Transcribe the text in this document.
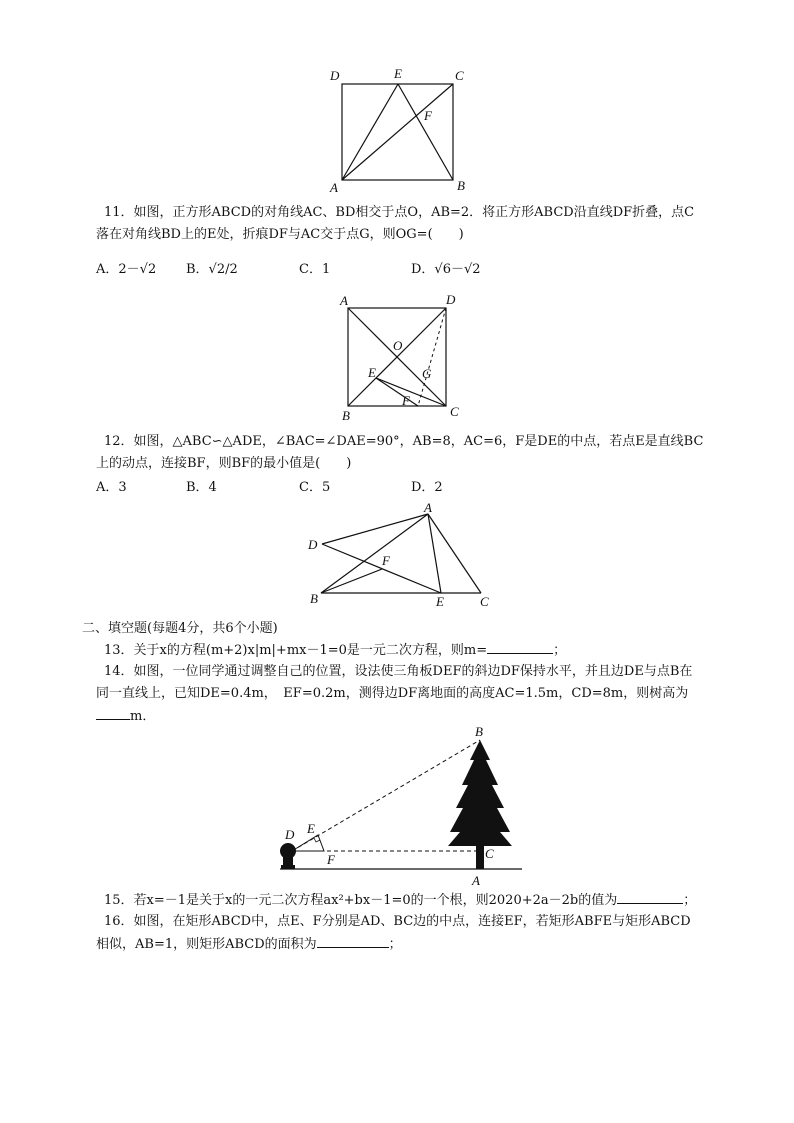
D	E	C
F
A	B
11．如图，正方形ABCD的对角线AC、BD相交于点O，AB=2．将正方形ABCD沿直线DF折叠，点C
落在对角线BD上的E处，折痕DF与AC交于点G，则OG=(　　)
A．2－√2 B．√2/2	C．1	D．√6－√2
A	D
O
E	G
F
B	C
12．如图，△ABC∽△ADE，∠BAC=∠DAE=90°，AB=8，AC=6，F是DE的中点，若点E是直线BC
上的动点，连接BF，则BF的最小值是(　　)
A．3	B．4	C．5	D．2
A
D
F
B	E	C
二、填空题(每题4分，共6个小题)
13．关于x的方程(m+2)x|m|+mx－1=0是一元二次方程，则m=	；
14．如图，一位同学通过调整自己的位置，设法使三角板DEF的斜边DF保持水平，并且边DE与点B在
同一直线上，已知DE=0.4m，　EF=0.2m，测得边DF离地面的高度AC=1.5m，CD=8m，则树高为
m．
B
D E
F	C
A
15．若x=－1是关于x的一元二次方程ax²+bx－1=0的一个根，则2020+2a－2b的值为	；
16．如图，在矩形ABCD中，点E、F分别是AD、BC边的中点，连接EF，若矩形ABFE与矩形ABCD
相似，AB=1，则矩形ABCD的面积为	；
